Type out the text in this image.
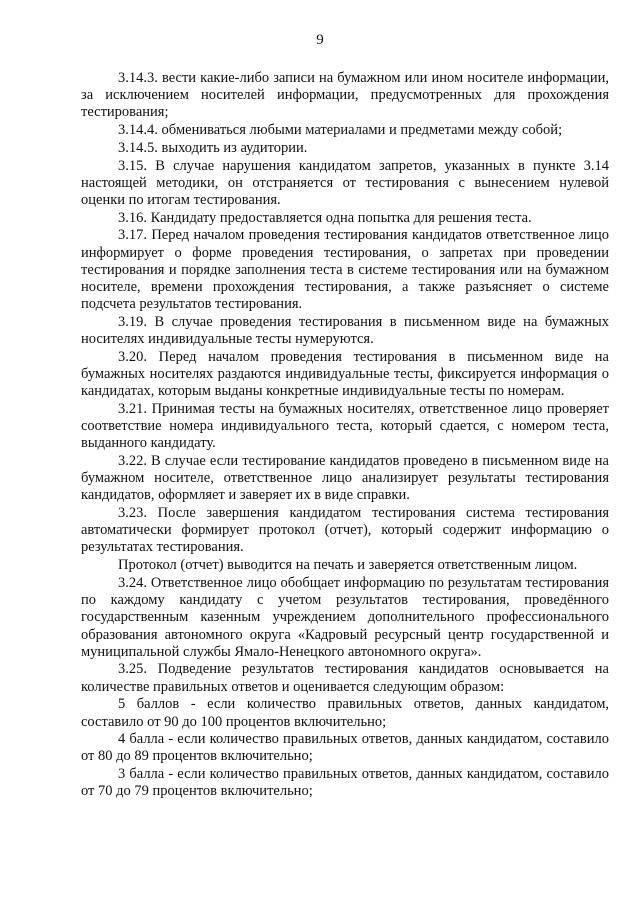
9

3.14.3. вести какие-либо записи на бумажном или ином носителе информации, за исключением носителей информации, предусмотренных для прохождения тестирования;

3.14.4. обмениваться любыми материалами и предметами между собой;

3.14.5. выходить из аудитории.

3.15. В случае нарушения кандидатом запретов, указанных в пункте 3.14 настоящей методики, он отстраняется от тестирования с вынесением нулевой оценки по итогам тестирования.

3.16. Кандидату предоставляется одна попытка для решения теста.

3.17. Перед началом проведения тестирования кандидатов ответственное лицо информирует о форме проведения тестирования, о запретах при проведении тестирования и порядке заполнения теста в системе тестирования или на бумажном носителе, времени прохождения тестирования, а также разъясняет о системе подсчета результатов тестирования.

3.19. В случае проведения тестирования в письменном виде на бумажных носителях индивидуальные тесты нумеруются.

3.20. Перед началом проведения тестирования в письменном виде на бумажных носителях раздаются индивидуальные тесты, фиксируется информация о кандидатах, которым выданы конкретные индивидуальные тесты по номерам.

3.21. Принимая тесты на бумажных носителях, ответственное лицо проверяет соответствие номера индивидуального теста, который сдается, с номером теста, выданного кандидату.

3.22. В случае если тестирование кандидатов проведено в письменном виде на бумажном носителе, ответственное лицо анализирует результаты тестирования кандидатов, оформляет и заверяет их в виде справки.

3.23. После завершения кандидатом тестирования система тестирования автоматически формирует протокол (отчет), который содержит информацию о результатах тестирования.

Протокол (отчет) выводится на печать и заверяется ответственным лицом.

3.24. Ответственное лицо обобщает информацию по результатам тестирования по каждому кандидату с учетом результатов тестирования, проведённого государственным казенным учреждением дополнительного профессионального образования автономного округа «Кадровый ресурсный центр государственной и муниципальной службы Ямало-Ненецкого автономного округа».

3.25. Подведение результатов тестирования кандидатов основывается на количестве правильных ответов и оценивается следующим образом:

5 баллов - если количество правильных ответов, данных кандидатом, составило от 90 до 100 процентов включительно;

4 балла - если количество правильных ответов, данных кандидатом, составило от 80 до 89 процентов включительно;

3 балла - если количество правильных ответов, данных кандидатом, составило от 70 до 79 процентов включительно;
